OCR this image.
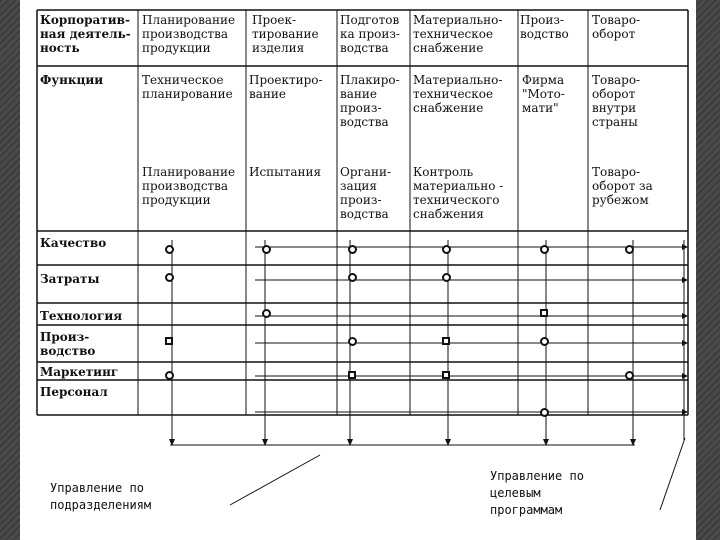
Корпоратив-
ная деятель-
ность
Планирование
производства
продукции
Проек-
тирование
изделия
Подготов
ка произ-
водства
Материально-
техническое
снабжение
Произ-
водство
Товаро-
оборот
Функции	Техническое
планирование
Планирование
производства
продукции
Проектиро-
вание
Испытания
Плакиро-
вание
произ-
водства
Органи-
зация
произ-
водства
Материально-
техническое
снабжение
Контроль
материально -
технического
снабжения
Фирма
"Мото-
мати"
Товаро-
оборот
внутри
страны
Товаро-
оборот за
рубежом
Качество
Затраты
Технология
Произ-
водство
Маркетинг
Персонал
Управление по
подразделениям
Управление по
целевым
программам
